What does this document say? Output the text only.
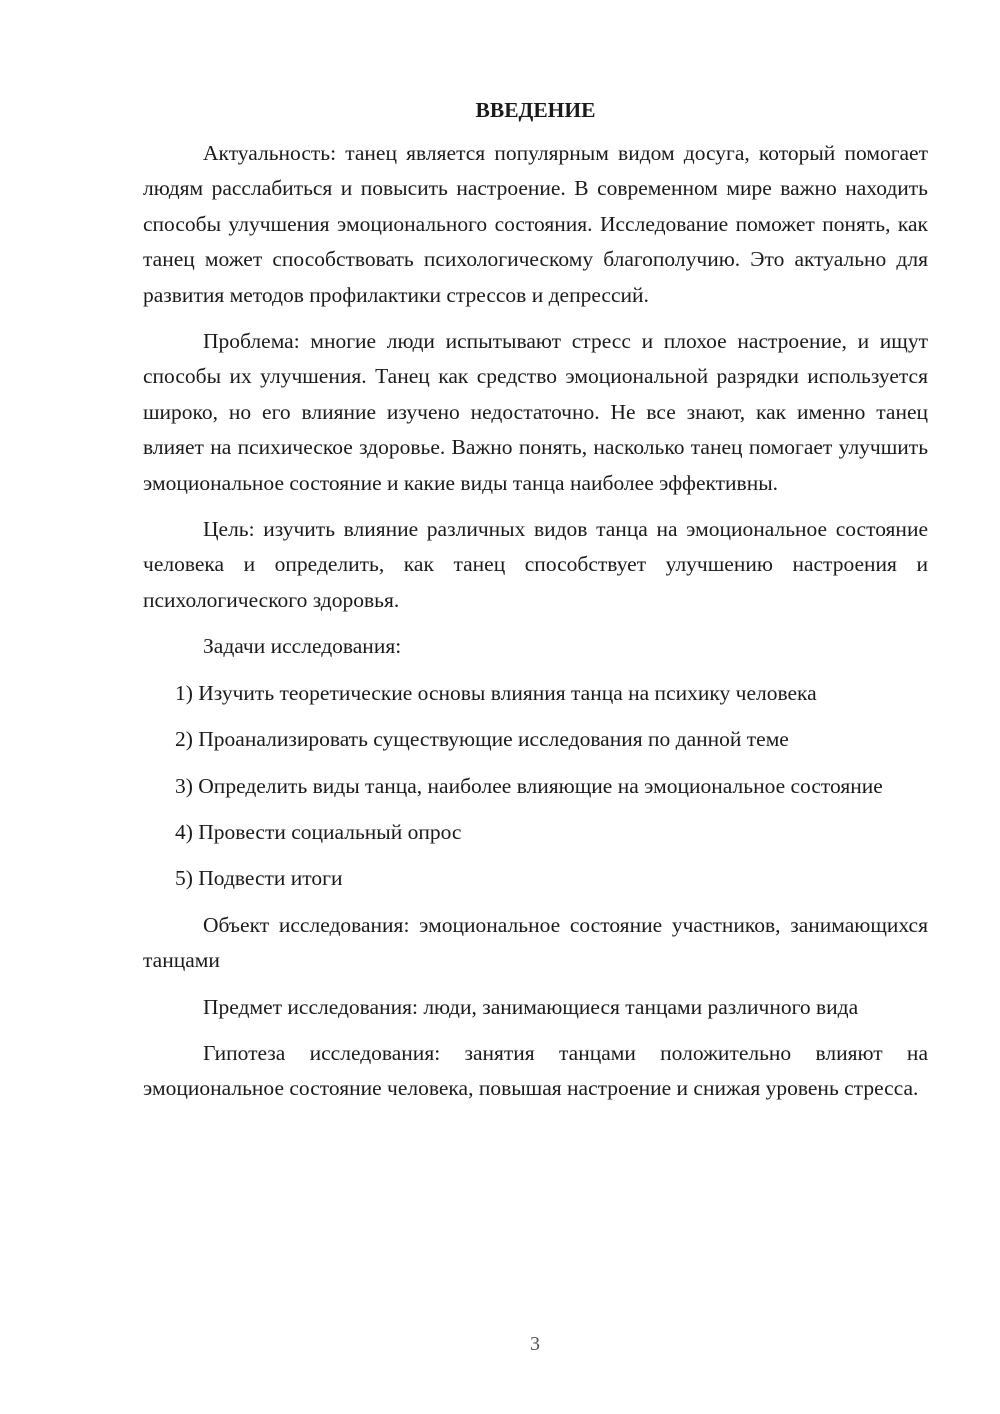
ВВЕДЕНИЕ

Актуальность: танец является популярным видом досуга, который помогает людям расслабиться и повысить настроение. В современном мире важно находить способы улучшения эмоционального состояния. Исследование поможет понять, как танец может способствовать психологическому благополучию. Это актуально для развития методов профилактики стрессов и депрессий.

Проблема: многие люди испытывают стресс и плохое настроение, и ищут способы их улучшения. Танец как средство эмоциональной разрядки используется широко, но его влияние изучено недостаточно. Не все знают, как именно танец влияет на психическое здоровье. Важно понять, насколько танец помогает улучшить эмоциональное состояние и какие виды танца наиболее эффективны.

Цель: изучить влияние различных видов танца на эмоциональное состояние человека и определить, как танец способствует улучшению настроения и психологического здоровья.

Задачи исследования:

1) Изучить теоретические основы влияния танца на психику человека

2) Проанализировать существующие исследования по данной теме

3) Определить виды танца, наиболее влияющие на эмоциональное состояние

4) Провести социальный опрос

5) Подвести итоги

Объект исследования: эмоциональное состояние участников, занимающихся танцами

Предмет исследования: люди, занимающиеся танцами различного вида

Гипотеза исследования: занятия танцами положительно влияют на эмоциональное состояние человека, повышая настроение и снижая уровень стресса.

3
